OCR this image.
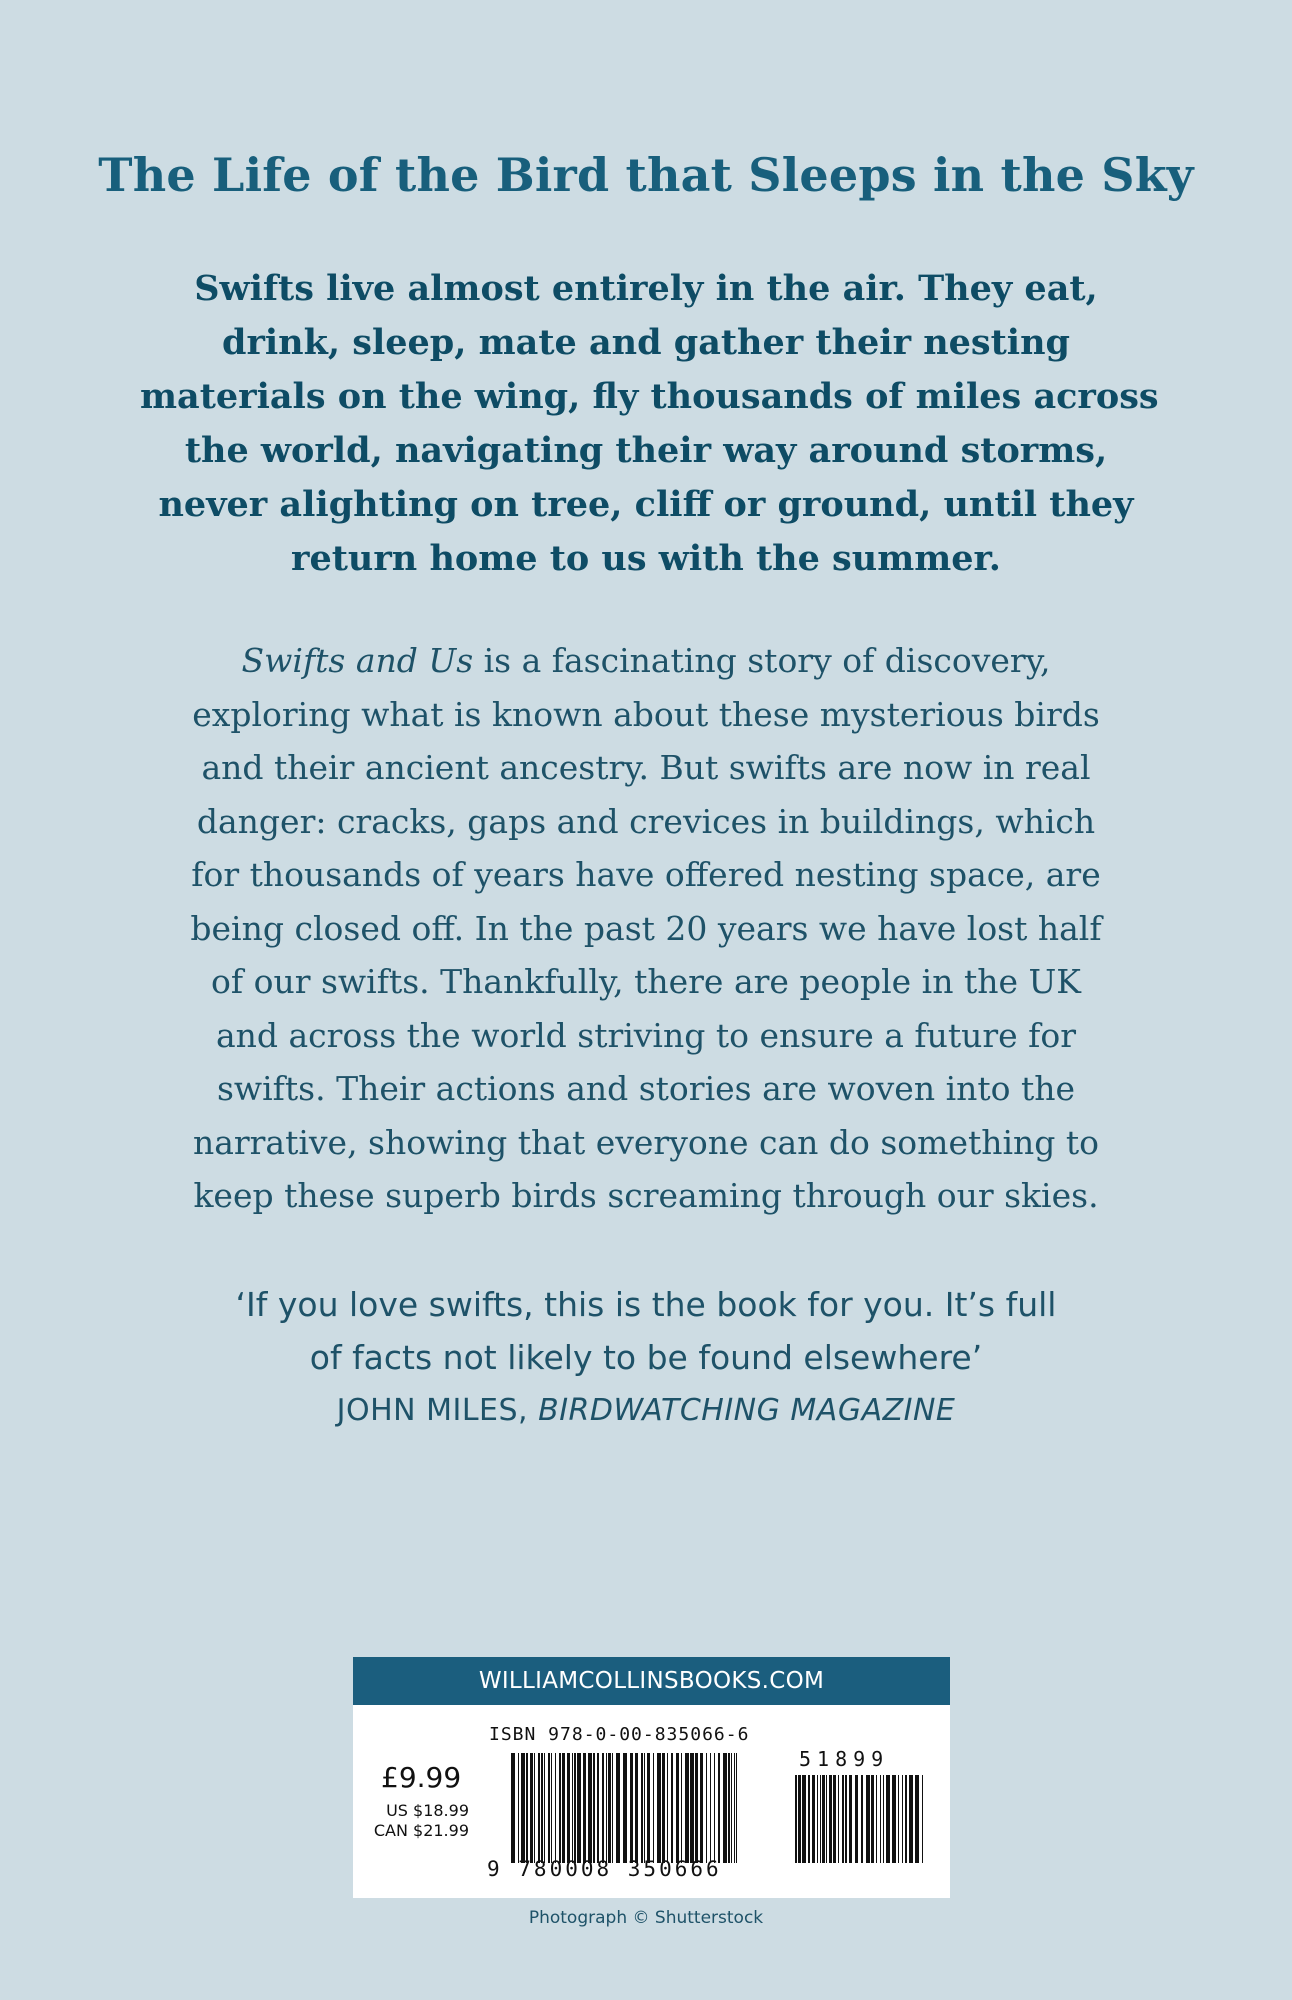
The Life of the Bird that Sleeps in the Sky
Swifts live almost entirely in the air. They eat,
drink, sleep, mate and gather their nesting
materials on the wing, fly thousands of miles across
the world, navigating their way around storms,
never alighting on tree, cliff or ground, until they
return home to us with the summer.
Swifts and Us is a fascinating story of discovery,
exploring what is known about these mysterious birds
and their ancient ancestry. But swifts are now in real
danger: cracks, gaps and crevices in buildings, which
for thousands of years have offered nesting space, are
being closed off. In the past 20 years we have lost half
of our swifts. Thankfully, there are people in the UK
and across the world striving to ensure a future for
swifts. Their actions and stories are woven into the
narrative, showing that everyone can do something to
keep these superb birds screaming through our skies.
‘If you love swifts, this is the book for you. It’s full
of facts not likely to be found elsewhere’
JOHN MILES, BIRDWATCHING MAGAZINE
WILLIAMCOLLINSBOOKS.COM
ISBN 978-0-00-835066-6
£9.99
US $18.99
CAN $21.99
51899
9 780008 350666
Photograph © Shutterstock
